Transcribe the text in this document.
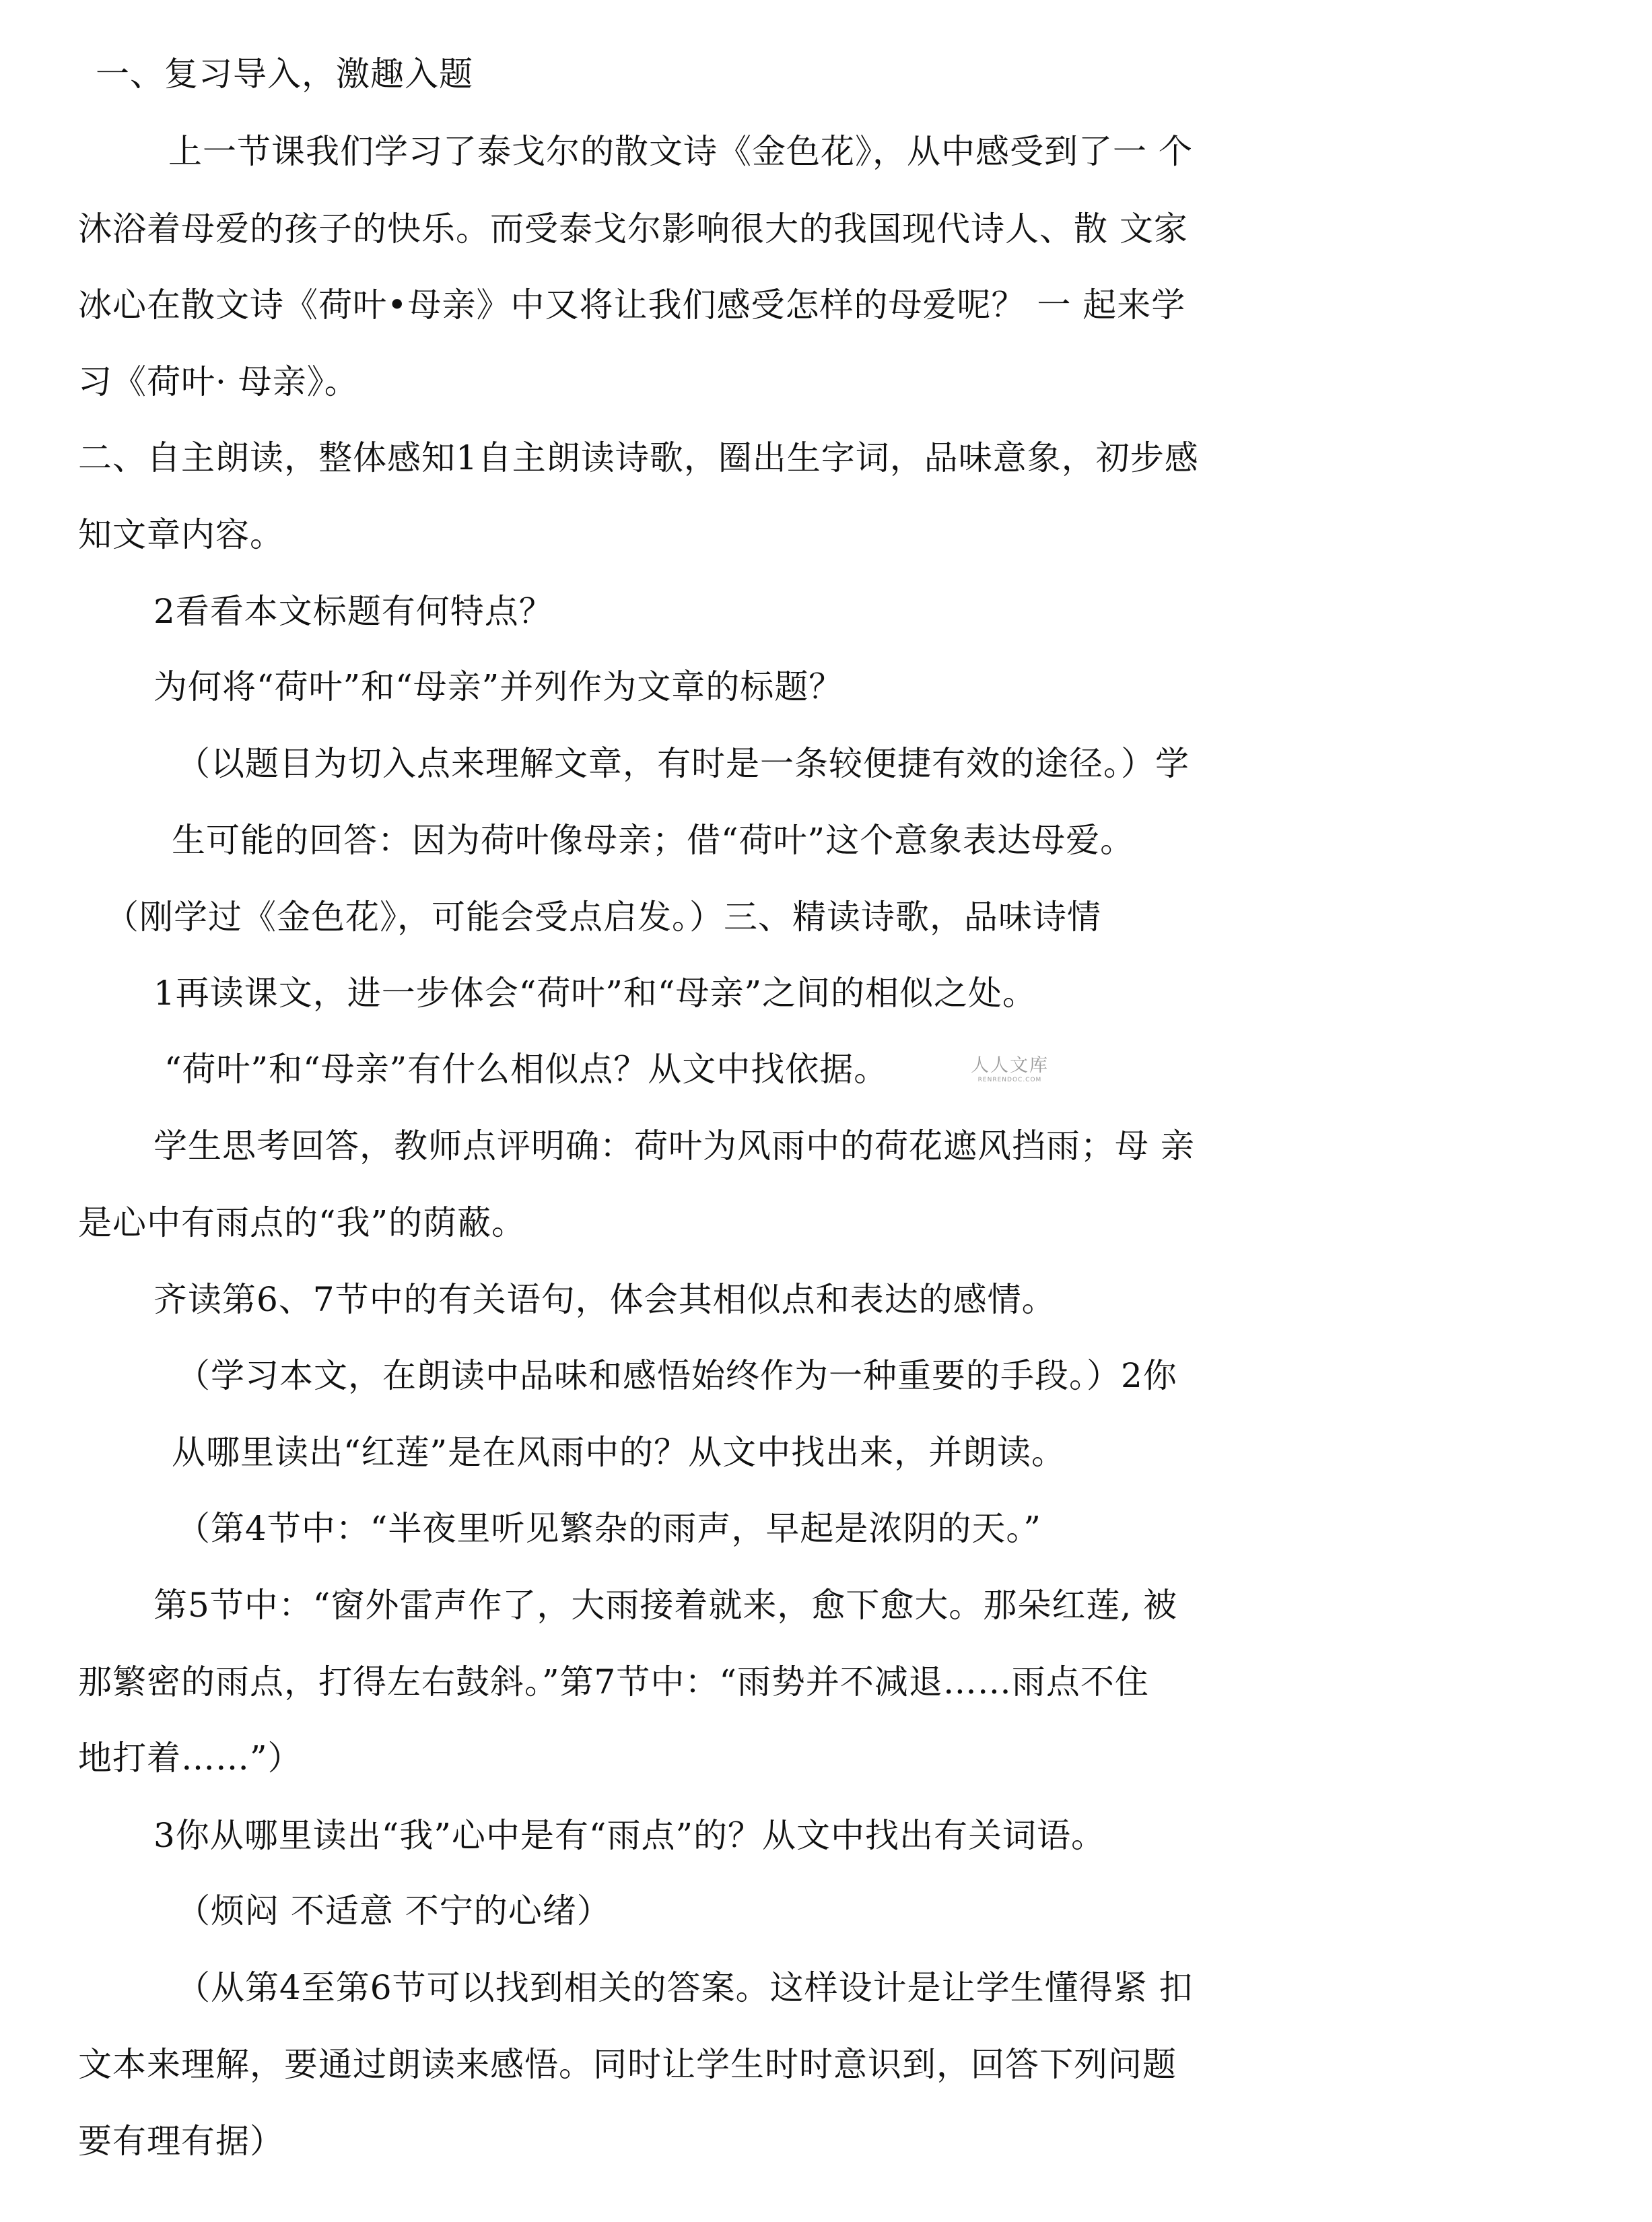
一、复习导入，激趣入题
上一节课我们学习了泰戈尔的散文诗《金色花》，从中感受到了一 个
沐浴着母爱的孩子的快乐。而受泰戈尔影响很大的我国现代诗人、散 文家
冰心在散文诗《荷叶•母亲》中又将让我们感受怎样的母爱呢？ 一 起来学
习《荷叶· 母亲》。
二、自主朗读，整体感知1自主朗读诗歌，圈出生字词，品味意象，初步感
知文章内容。
2看看本文标题有何特点？
为何将“荷叶”和“母亲”并列作为文章的标题？
（以题目为切入点来理解文章，有时是一条较便捷有效的途径。）学
生可能的回答：因为荷叶像母亲；借“荷叶”这个意象表达母爱。
（刚学过《金色花》，可能会受点启发。）三、精读诗歌，品味诗情
1再读课文，进一步体会“荷叶”和“母亲”之间的相似之处。
“荷叶”和“母亲”有什么相似点？从文中找依据。
学生思考回答，教师点评明确：荷叶为风雨中的荷花遮风挡雨；母 亲
是心中有雨点的“我”的荫蔽。
齐读第6、7节中的有关语句，体会其相似点和表达的感情。
（学习本文，在朗读中品味和感悟始终作为一种重要的手段。）2你
从哪里读出“红莲”是在风雨中的？从文中找出来，并朗读。
（第4节中：“半夜里听见繁杂的雨声，早起是浓阴的天。”
第5节中：“窗外雷声作了，大雨接着就来，愈下愈大。那朵红莲, 被
那繁密的雨点，打得左右鼓斜。”第7节中：“雨势并不减退……雨点不住
地打着……”）
3你从哪里读出“我”心中是有“雨点”的？从文中找出有关词语。
（烦闷 不适意 不宁的心绪）
（从第4至第6节可以找到相关的答案。这样设计是让学生懂得紧 扣
文本来理解，要通过朗读来感悟。同时让学生时时意识到，回答下列问题
要有理有据）
人人文库
RENRENDOC.COM
